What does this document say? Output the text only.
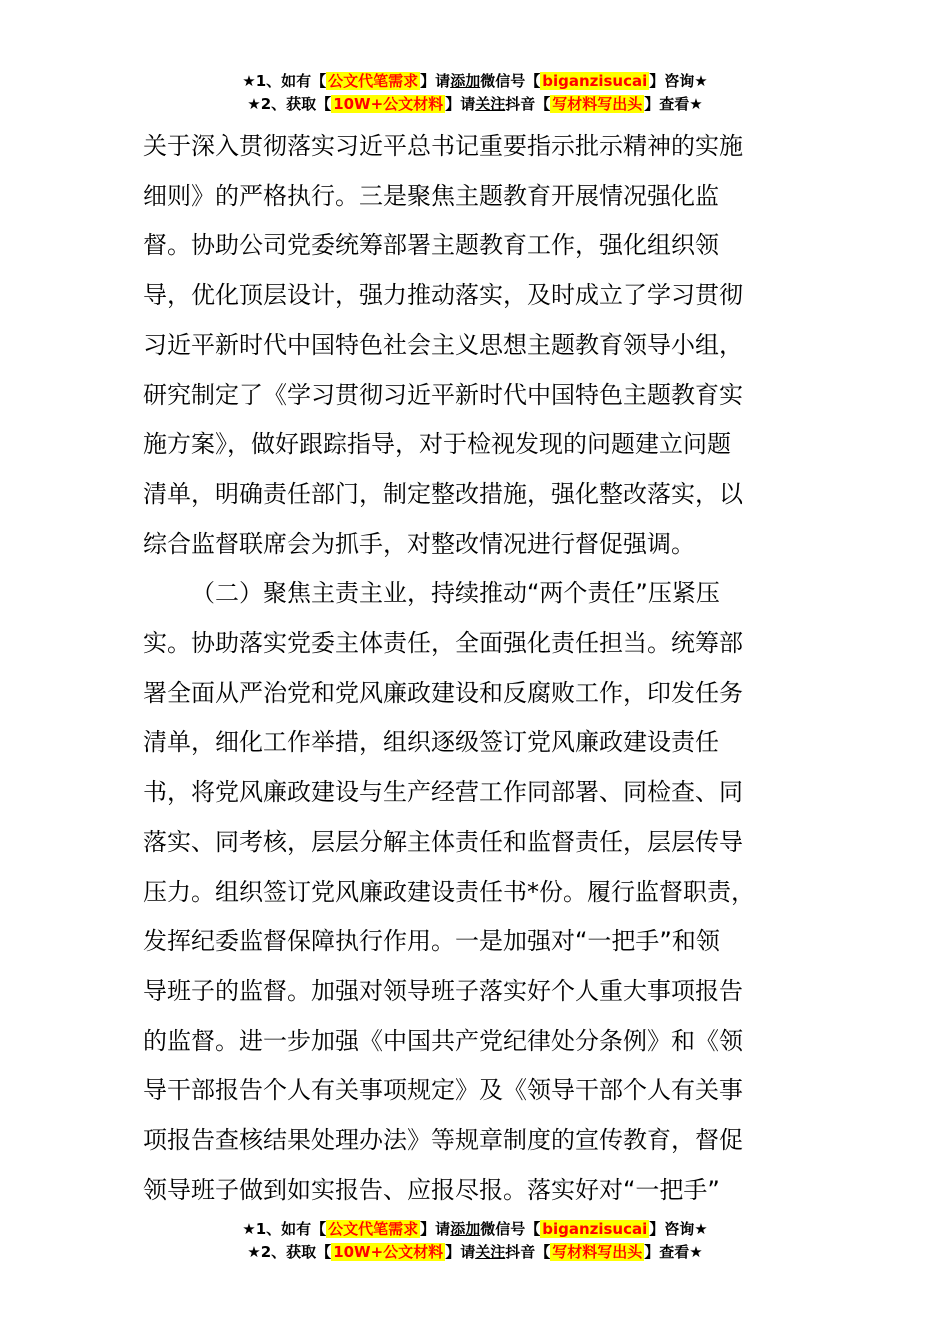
★1、如有【 公文代笔需求 】请添加微信号【 biganzisucai 】咨询★
★2、获取【 10W+公文材料 】请关注抖音【 写材料写出头 】查看★

关于深入贯彻落实习近平总书记重要指示批示精神的实施

细则》的严格执行。三是聚焦主题教育开展情况强化监

督。协助公司党委统筹部署主题教育工作，强化组织领

导，优化顶层设计，强力推动落实，及时成立了学习贯彻

习近平新时代中国特色社会主义思想主题教育领导小组，

研究制定了《学习贯彻习近平新时代中国特色主题教育实

施方案》，做好跟踪指导，对于检视发现的问题建立问题

清单，明确责任部门，制定整改措施，强化整改落实，以

综合监督联席会为抓手，对整改情况进行督促强调。

（二）聚焦主责主业，持续推动“两个责任”压紧压

实。协助落实党委主体责任，全面强化责任担当。统筹部

署全面从严治党和党风廉政建设和反腐败工作，印发任务

清单，细化工作举措，组织逐级签订党风廉政建设责任

书，将党风廉政建设与生产经营工作同部署、同检查、同

落实、同考核，层层分解主体责任和监督责任，层层传导

压力。组织签订党风廉政建设责任书*份。履行监督职责，

发挥纪委监督保障执行作用。一是加强对“一把手”和领

导班子的监督。加强对领导班子落实好个人重大事项报告

的监督。进一步加强《中国共产党纪律处分条例》和《领

导干部报告个人有关事项规定》及《领导干部个人有关事

项报告查核结果处理办法》等规章制度的宣传教育，督促

领导班子做到如实报告、应报尽报。落实好对“一把手”

★1、如有【 公文代笔需求 】请添加微信号【 biganzisucai 】咨询★
★2、获取【 10W+公文材料 】请关注抖音【 写材料写出头 】查看★
